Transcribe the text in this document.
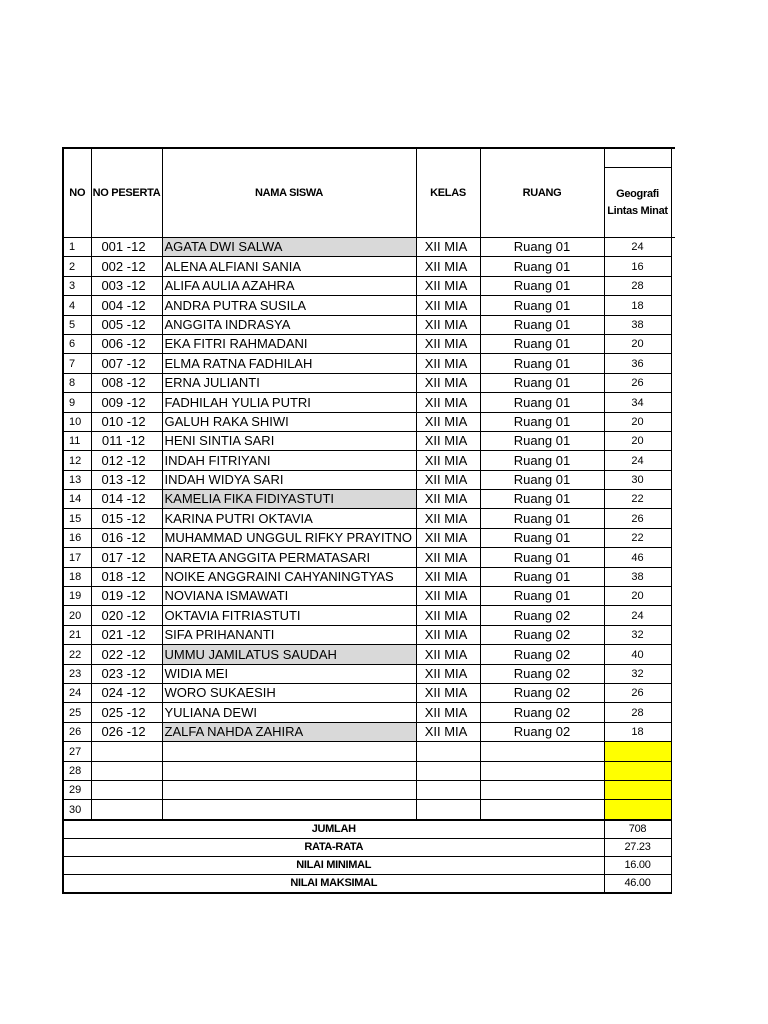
NO	NO PESERTA	NAMA SISWA	KELAS	RUANG	Geografi
Lintas Minat	

1	001 -12	AGATA DWI SALWA	XII MIA	Ruang 01	24	
2	002 -12	ALENA ALFIANI SANIA	XII MIA	Ruang 01	16	
3	003 -12	ALIFA AULIA AZAHRA	XII MIA	Ruang 01	28	
4	004 -12	ANDRA PUTRA SUSILA	XII MIA	Ruang 01	18	
5	005 -12	ANGGITA INDRASYA	XII MIA	Ruang 01	38	
6	006 -12	EKA FITRI RAHMADANI	XII MIA	Ruang 01	20	
7	007 -12	ELMA RATNA FADHILAH	XII MIA	Ruang 01	36	
8	008 -12	ERNA JULIANTI	XII MIA	Ruang 01	26	
9	009 -12	FADHILAH YULIA PUTRI	XII MIA	Ruang 01	34	
10	010 -12	GALUH RAKA SHIWI	XII MIA	Ruang 01	20	
11	011 -12	HENI SINTIA SARI	XII MIA	Ruang 01	20	
12	012 -12	INDAH FITRIYANI	XII MIA	Ruang 01	24	
13	013 -12	INDAH WIDYA SARI	XII MIA	Ruang 01	30	
14	014 -12	KAMELIA FIKA FIDIYASTUTI	XII MIA	Ruang 01	22	
15	015 -12	KARINA PUTRI OKTAVIA	XII MIA	Ruang 01	26	
16	016 -12	MUHAMMAD UNGGUL RIFKY PRAYITNO	XII MIA	Ruang 01	22	
17	017 -12	NARETA ANGGITA PERMATASARI	XII MIA	Ruang 01	46	
18	018 -12	NOIKE ANGGRAINI CAHYANINGTYAS	XII MIA	Ruang 01	38	
19	019 -12	NOVIANA ISMAWATI	XII MIA	Ruang 01	20	
20	020 -12	OKTAVIA FITRIASTUTI	XII MIA	Ruang 02	24	
21	021 -12	SIFA PRIHANANTI	XII MIA	Ruang 02	32	
22	022 -12	UMMU JAMILATUS SAUDAH	XII MIA	Ruang 02	40	
23	023 -12	WIDIA MEI	XII MIA	Ruang 02	32	
24	024 -12	WORO SUKAESIH	XII MIA	Ruang 02	26	
25	025 -12	YULIANA DEWI	XII MIA	Ruang 02	28	
26	026 -12	ZALFA NAHDA ZAHIRA	XII MIA	Ruang 02	18	
27						
28						
29						
30						
JUMLAH					708	
RATA-RATA					27.23	
NILAI MINIMAL					16.00	
NILAI MAKSIMAL					46.00	
